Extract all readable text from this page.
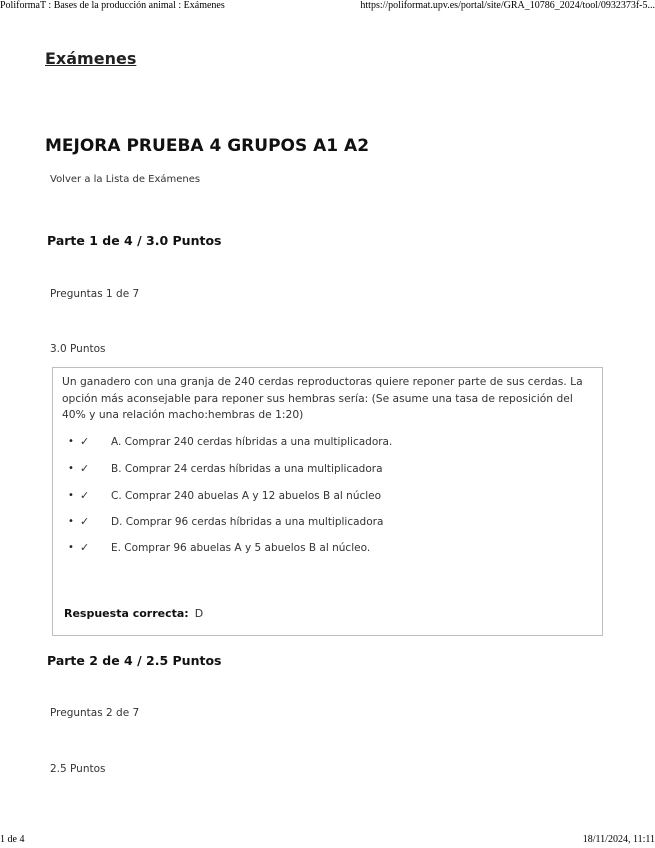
PoliformaT : Bases de la producción animal : Exámenes	https://poliformat.upv.es/portal/site/GRA_10786_2024/tool/0932373f-5...
Exámenes
MEJORA PRUEBA 4 GRUPOS A1 A2
Volver a la Lista de Exámenes
Parte 1 de 4 / 3.0 Puntos
Preguntas 1 de 7
3.0 Puntos
Un ganadero con una granja de 240 cerdas reproductoras quiere reponer parte de sus cerdas. La opción más aconsejable para reponer sus hembras sería: (Se asume una tasa de reposición del 40% y una relación macho:hembras de 1:20)
• ✓ A. Comprar 240 cerdas híbridas a una multiplicadora.
• ✓ B. Comprar 24 cerdas híbridas a una multiplicadora
• ✓ C. Comprar 240 abuelas A y 12 abuelos B al núcleo
• ✓ D. Comprar 96 cerdas híbridas a una multiplicadora
• ✓ E. Comprar 96 abuelas A y 5 abuelos B al núcleo.
Respuesta correcta: D
Parte 2 de 4 / 2.5 Puntos
Preguntas 2 de 7
2.5 Puntos
1 de 4	18/11/2024, 11:11
